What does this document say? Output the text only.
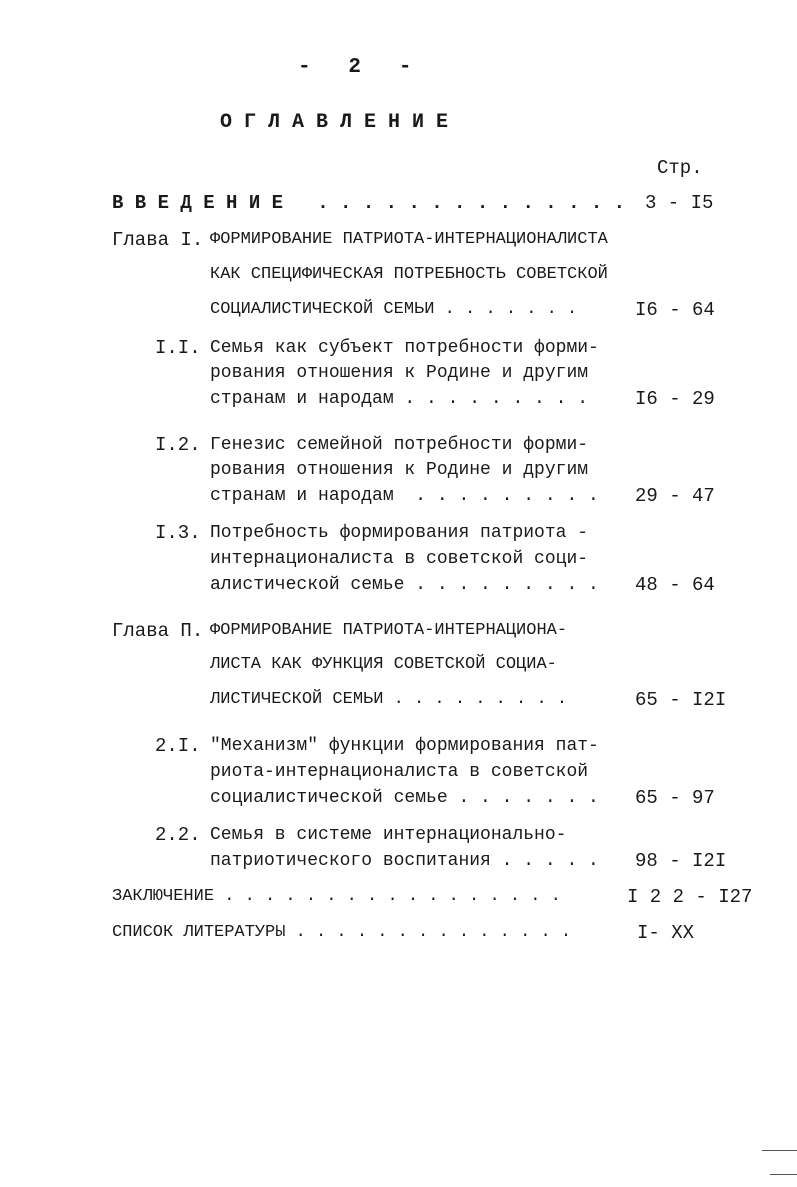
-   2   -
О Г Л А В Л Е Н И Е
Стр.
В В Е Д Е Н И Е   . . . . . . . . . . . . . . 3 - I5
Глава I. ФОРМИРОВАНИЕ ПАТРИОТА-ИНТЕРНАЦИОНАЛИСТА
КАК СПЕЦИФИЧЕСКАЯ ПОТРЕБНОСТЬ СОВЕТСКОЙ
СОЦИАЛИСТИЧЕСКОЙ СЕМЬИ . . . . . . .	I6 - 64
I.I. Семья как субъект потребности форми-
рования отношения к Родине и другим
странам и народам . . . . . . . . . I6 - 29
I.2. Генезис семейной потребности форми-
рования отношения к Родине и другим
странам и народам  . . . . . . . . . 29 - 47
I.3. Потребность формирования патриота -
интернационалиста в советской соци-
алистической семье . . . . . . . . . 48 - 64
Глава П. ФОРМИРОВАНИЕ ПАТРИОТА-ИНТЕРНАЦИОНА-
ЛИСТА КАК ФУНКЦИЯ СОВЕТСКОЙ СОЦИА-
ЛИСТИЧЕСКОЙ СЕМЬИ . . . . . . . . .	65 - I2I
2.I. "Механизм" функции формирования пат-
риота-интернационалиста в советской
социалистической семье . . . . . . . 65 - 97
2.2. Семья в системе интернационально-
патриотического воспитания . . . . . 98 - I2I
ЗАКЛЮЧЕНИЕ . . . . . . . . . . . . . . . . .	I 2 2 - I27
СПИСОК ЛИТЕРАТУРЫ . . . . . . . . . . . . . .	I- XX
